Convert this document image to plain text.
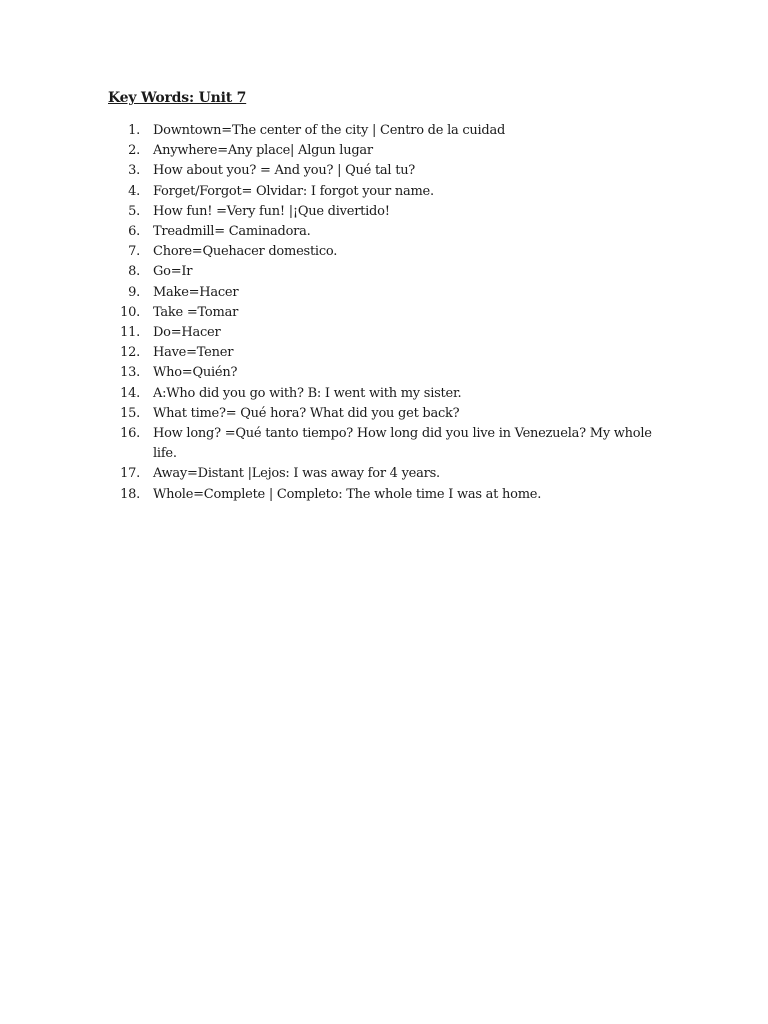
Key Words: Unit 7
1. Downtown=The center of the city | Centro de la cuidad
2. Anywhere=Any place| Algun lugar
3. How about you? = And you? | Qué tal tu?
4. Forget/Forgot= Olvidar: I forgot your name.
5. How fun! =Very fun! |¡Que divertido!
6. Treadmill= Caminadora.
7. Chore=Quehacer domestico.
8. Go=Ir
9. Make=Hacer
10. Take =Tomar
11. Do=Hacer
12. Have=Tener
13. Who=Quién?
14. A:Who did you go with? B: I went with my sister.
15. What time?= Qué hora? What did you get back?
16. How long? =Qué tanto tiempo? How long did you live in Venezuela? My whole life.
17. Away=Distant |Lejos: I was away for 4 years.
18. Whole=Complete | Completo: The whole time I was at home.
